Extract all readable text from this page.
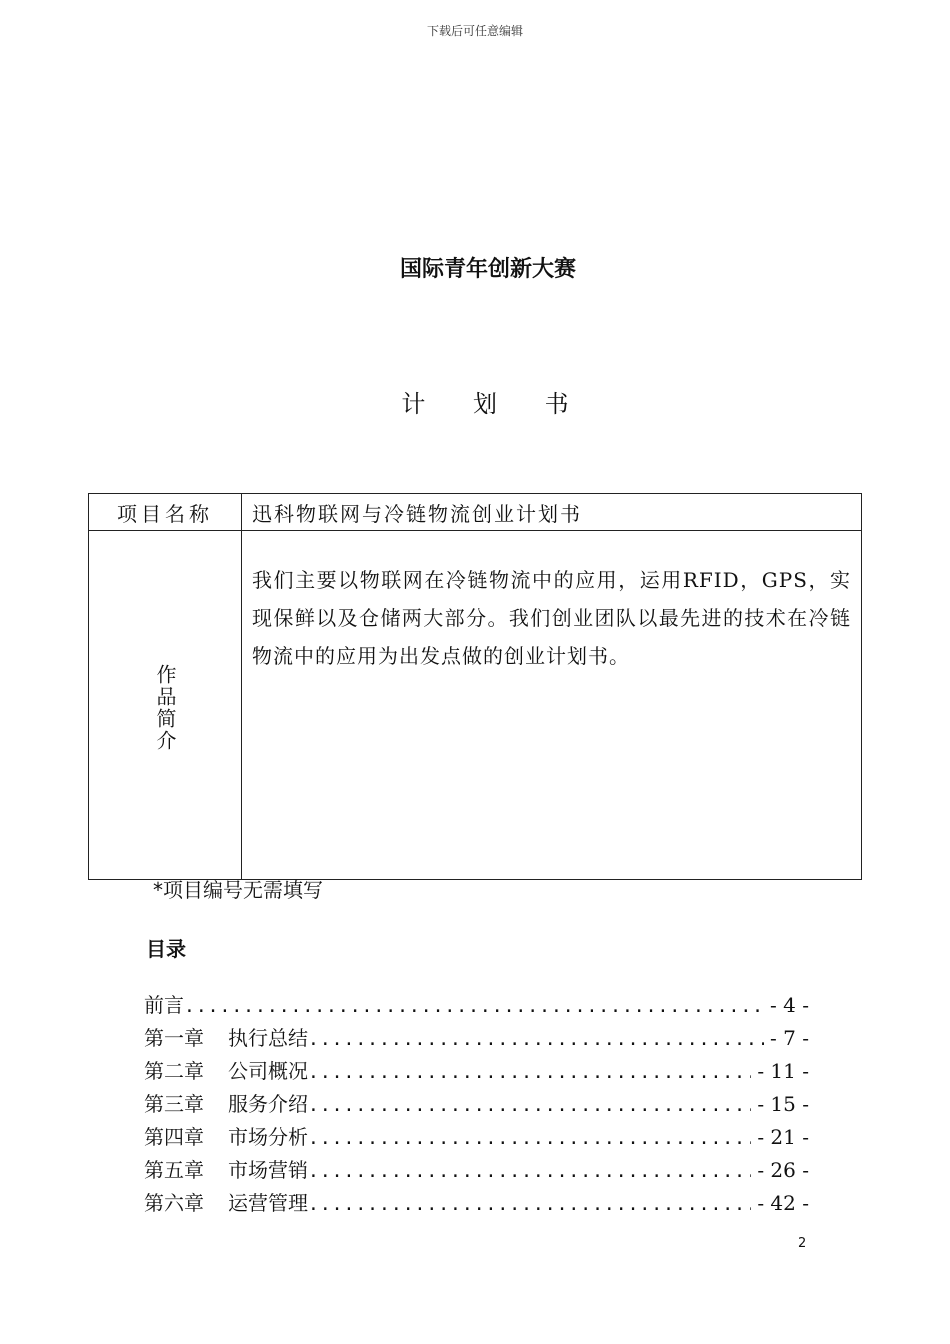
下载后可任意编辑
国际青年创新大赛
计 划 书
项目名称	迅科物联网与冷链物流创业计划书
作品简介	我们主要以物联网在冷链物流中的应用，运用RFID，GPS，实现保鲜以及仓储两大部分。我们创业团队以最先进的技术在冷链物流中的应用为出发点做的创业计划书。
*项目编号无需填写
目录
前言 .....	- 4 -
第一章 执行总结 .....	- 7 -
第二章 公司概况 .....	- 11 -
第三章 服务介绍 .....	- 15 -
第四章 市场分析 .....	- 21 -
第五章 市场营销 .....	- 26 -
第六章 运营管理 .....	- 42 -
2
